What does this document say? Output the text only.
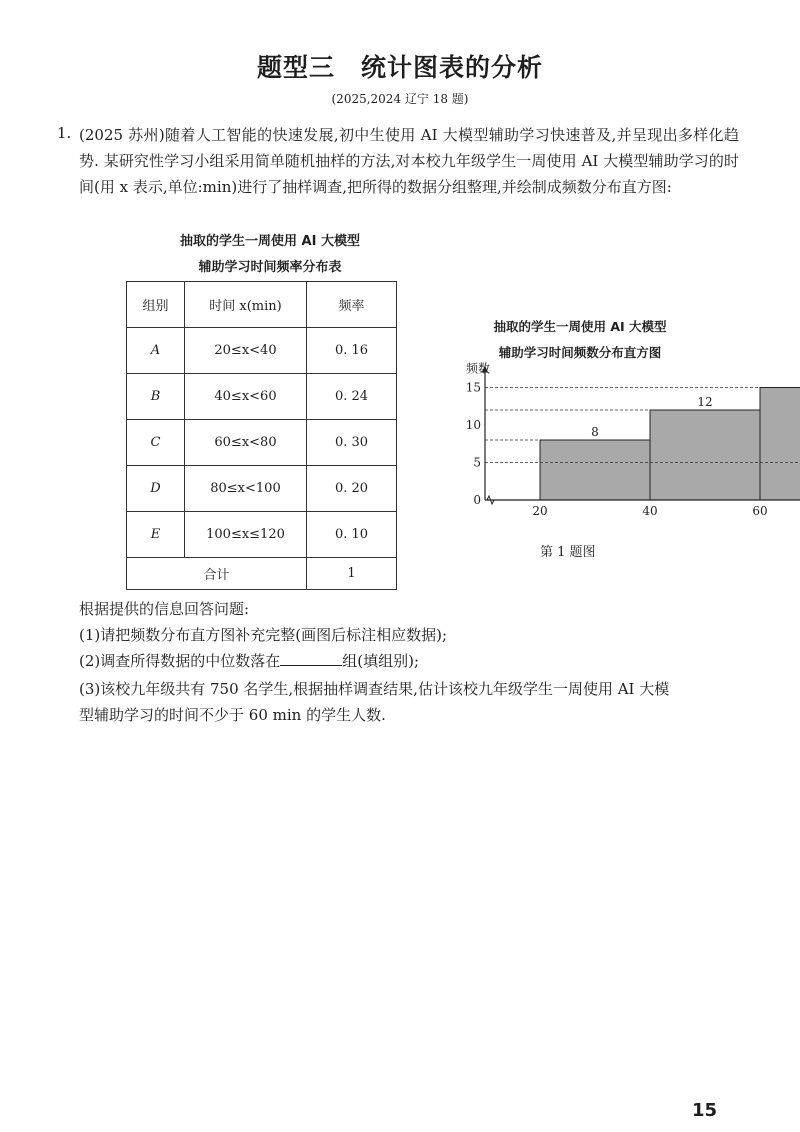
题型三　统计图表的分析
(2025,2024 辽宁 18 题)
1. (2025 苏州)随着人工智能的快速发展,初中生使用 AI 大模型辅助学习快速普及,并呈现出多样化趋势. 某研究性学习小组采用简单随机抽样的方法,对本校九年级学生一周使用 AI 大模型辅助学习的时间(用 x 表示,单位:min)进行了抽样调查,把所得的数据分组整理,并绘制成频数分布直方图:
抽取的学生一周使用 AI 大模型
辅助学习时间频率分布表
组别	时间 x(min)	频率
A	20≤x<40	0. 16
B	40≤x<60	0. 24
C	60≤x<80	0. 30
D	80≤x<100	0. 20
E	100≤x≤120	0. 10
合计		1
抽取的学生一周使用 AI 大模型
辅助学习时间频数分布直方图
20	40	60
0
5
10
15
8
12
频数
第 1 题图
根据提供的信息回答问题:
(1)请把频数分布直方图补充完整(画图后标注相应数据);
(2)调查所得数据的中位数落在	组(填组别);
(3)该校九年级共有 750 名学生,根据抽样调查结果,估计该校九年级学生一周使用 AI 大模
型辅助学习的时间不少于 60 min 的学生人数.
15
